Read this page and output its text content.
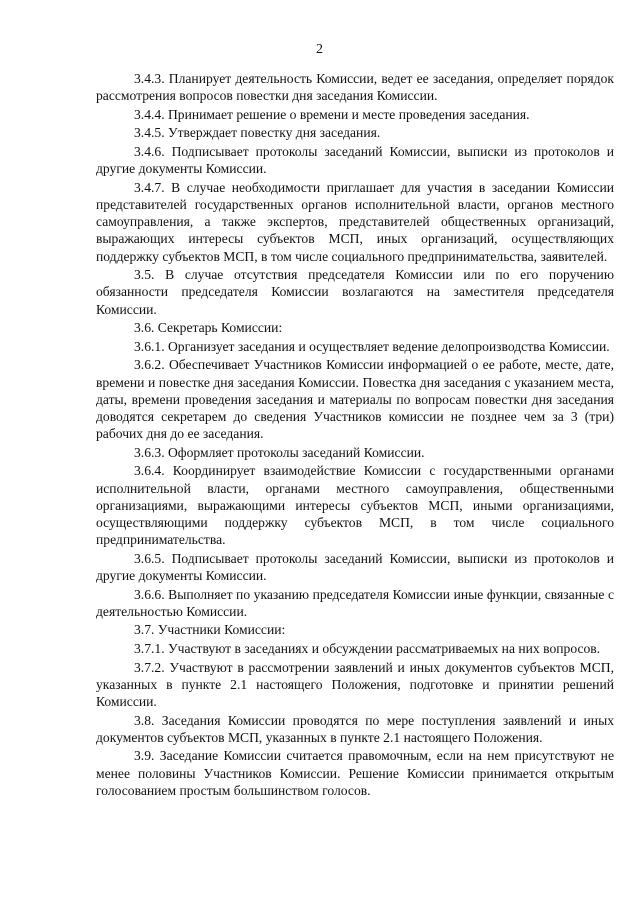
2

3.4.3. Планирует деятельность Комиссии, ведет ее заседания, определяет порядок рассмотрения вопросов повестки дня заседания Комиссии.

3.4.4. Принимает решение о времени и месте проведения заседания.

3.4.5. Утверждает повестку дня заседания.

3.4.6. Подписывает протоколы заседаний Комиссии, выписки из протоколов и другие документы Комиссии.

3.4.7. В случае необходимости приглашает для участия в заседании Комиссии представителей государственных органов исполнительной власти, органов местного самоуправления, а также экспертов, представителей общественных организаций, выражающих интересы субъектов МСП, иных организаций, осуществляющих поддержку субъектов МСП, в том числе социального предпринимательства, заявителей.

3.5. В случае отсутствия председателя Комиссии или по его поручению обязанности председателя Комиссии возлагаются на заместителя председателя Комиссии.

3.6. Секретарь Комиссии:

3.6.1. Организует заседания и осуществляет ведение делопроизводства Комиссии.

3.6.2. Обеспечивает Участников Комиссии информацией о ее работе, месте, дате, времени и повестке дня заседания Комиссии. Повестка дня заседания с указанием места, даты, времени проведения заседания и материалы по вопросам повестки дня заседания доводятся секретарем до сведения Участников комиссии не позднее чем за 3 (три) рабочих дня до ее заседания.

3.6.3. Оформляет протоколы заседаний Комиссии.

3.6.4. Координирует взаимодействие Комиссии с государственными органами исполнительной власти, органами местного самоуправления, общественными организациями, выражающими интересы субъектов МСП, иными организациями, осуществляющими поддержку субъектов МСП, в том числе социального предпринимательства.

3.6.5. Подписывает протоколы заседаний Комиссии, выписки из протоколов и другие документы Комиссии.

3.6.6. Выполняет по указанию председателя Комиссии иные функции, связанные с деятельностью Комиссии.

3.7. Участники Комиссии:

3.7.1. Участвуют в заседаниях и обсуждении рассматриваемых на них вопросов.

3.7.2. Участвуют в рассмотрении заявлений и иных документов субъектов МСП, указанных в пункте 2.1 настоящего Положения, подготовке и принятии решений Комиссии.

3.8. Заседания Комиссии проводятся по мере поступления заявлений и иных документов субъектов МСП, указанных в пункте 2.1 настоящего Положения.

3.9. Заседание Комиссии считается правомочным, если на нем присутствуют не менее половины Участников Комиссии. Решение Комиссии принимается открытым голосованием простым большинством голосов.
